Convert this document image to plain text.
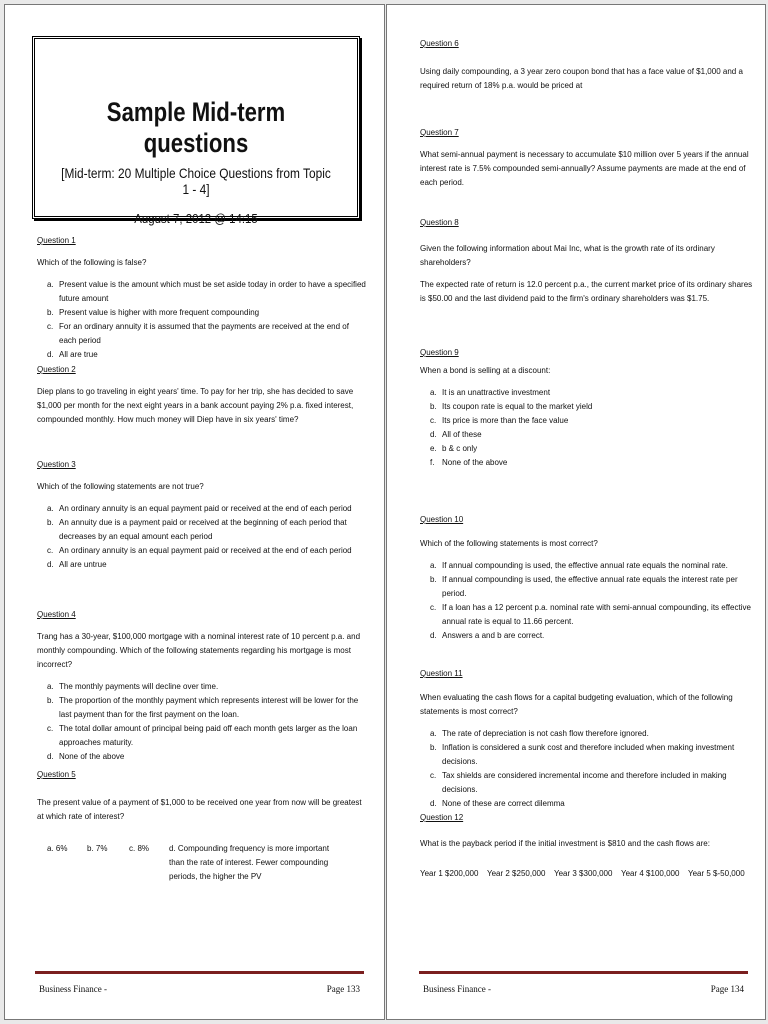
Sample Mid-term questions
[Mid-term: 20 Multiple Choice Questions from Topic 1 - 4]
August 7, 2012 @ 14:15
Question 1
Which of the following is false?
a. Present value is the amount which must be set aside today in order to have a specified future amount
b. Present value is higher with more frequent compounding
c. For an ordinary annuity it is assumed that the payments are received at the end of each period
d. All are true
Question 2
Diep plans to go traveling in eight years' time. To pay for her trip, she has decided to save $1,000 per month for the next eight years in a bank account paying 2% p.a. fixed interest, compounded monthly. How much money will Diep have in six years' time?
Question 3
Which of the following statements are not true?
a. An ordinary annuity is an equal payment paid or received at the end of each period
b. An annuity due is a payment paid or received at the beginning of each period that decreases by an equal amount each period
c. An ordinary annuity is an equal payment paid or received at the end of each period
d. All are untrue
Question 4
Trang has a 30-year, $100,000 mortgage with a nominal interest rate of 10 percent p.a. and monthly compounding. Which of the following statements regarding his mortgage is most incorrect?
a. The monthly payments will decline over time.
b. The proportion of the monthly payment which represents interest will be lower for the last payment than for the first payment on the loan.
c. The total dollar amount of principal being paid off each month gets larger as the loan approaches maturity.
d. None of the above
Question 5
The present value of a payment of $1,000 to be received one year from now will be greatest at which rate of interest?
a. 6% b. 7%	c. 8% d. Compounding frequency is more important than the rate of interest. Fewer compounding periods, the higher the PV
Business Finance -	Page 133
Question 6
Using daily compounding, a 3 year zero coupon bond that has a face value of $1,000 and a required return of 18% p.a. would be priced at
Question 7
What semi-annual payment is necessary to accumulate $10 million over 5 years if the annual interest rate is 7.5% compounded semi-annually? Assume payments are made at the end of each period.
Question 8
Given the following information about Mai Inc, what is the growth rate of its ordinary shareholders?
The expected rate of return is 12.0 percent p.a., the current market price of its ordinary shares is $50.00 and the last dividend paid to the firm's ordinary shareholders was $1.75.
Question 9
When a bond is selling at a discount:
a. It is an unattractive investment
b. Its coupon rate is equal to the market yield
c. Its price is more than the face value
d. All of these
e. b & c only
f. None of the above
Question 10
Which of the following statements is most correct?
a. If annual compounding is used, the effective annual rate equals the nominal rate.
b. If annual compounding is used, the effective annual rate equals the interest rate per period.
c. If a loan has a 12 percent p.a. nominal rate with semi-annual compounding, its effective annual rate is equal to 11.66 percent.
d. Answers a and b are correct.
Question 11
When evaluating the cash flows for a capital budgeting evaluation, which of the following statements is most correct?
a. The rate of depreciation is not cash flow therefore ignored.
b. Inflation is considered a sunk cost and therefore included when making investment decisions.
c. Tax shields are considered incremental income and therefore included in making decisions.
d. None of these are correct dilemma
Question 12
What is the payback period if the initial investment is $810 and the cash flows are:
Year 1 $200,000 Year 2 $250,000 Year 3 $300,000 Year 4 $100,000 Year 5 $-50,000
Business Finance -	Page 134
